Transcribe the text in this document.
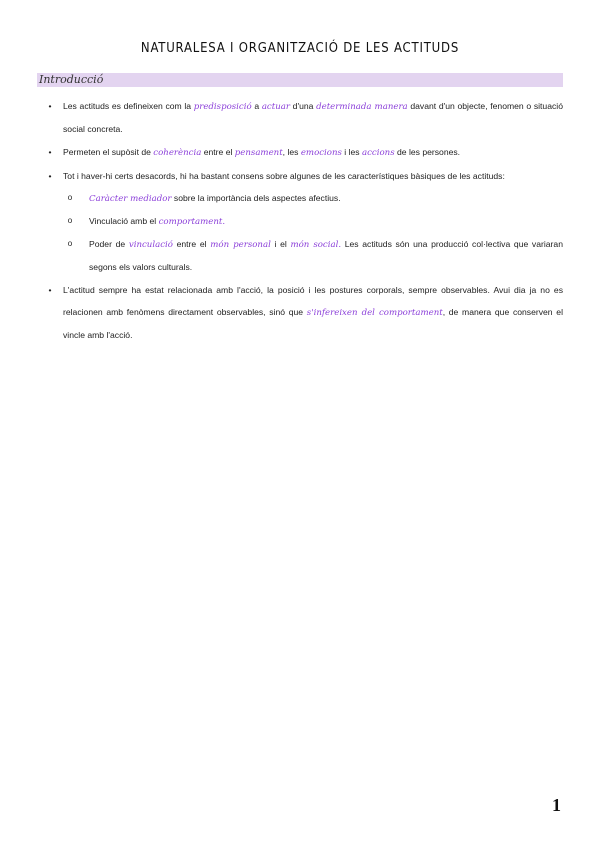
NATURALESA I ORGANITZACIÓ DE LES ACTITUDS
Introducció
•	Les actituds es defineixen com la predisposició a actuar d'una determinada manera davant d'un objecte, fenomen o situació social concreta.
•	Permeten el supòsit de coherència entre el pensament, les emocions i les accions de les persones.
•	Tot i haver-hi certs desacords, hi ha bastant consens sobre algunes de les característiques bàsiques de les actituds:
o	Caràcter mediador sobre la importància dels aspectes afectius.
o	Vinculació amb el comportament.
o	Poder de vinculació entre el món personal i el món social. Les actituds són una producció col·lectiva que variaran segons els valors culturals.
•	L'actitud sempre ha estat relacionada amb l'acció, la posició i les postures corporals, sempre observables. Avui dia ja no es relacionen amb fenòmens directament observables, sinó que s'infereixen del comportament, de manera que conserven el vincle amb l'acció.
1
